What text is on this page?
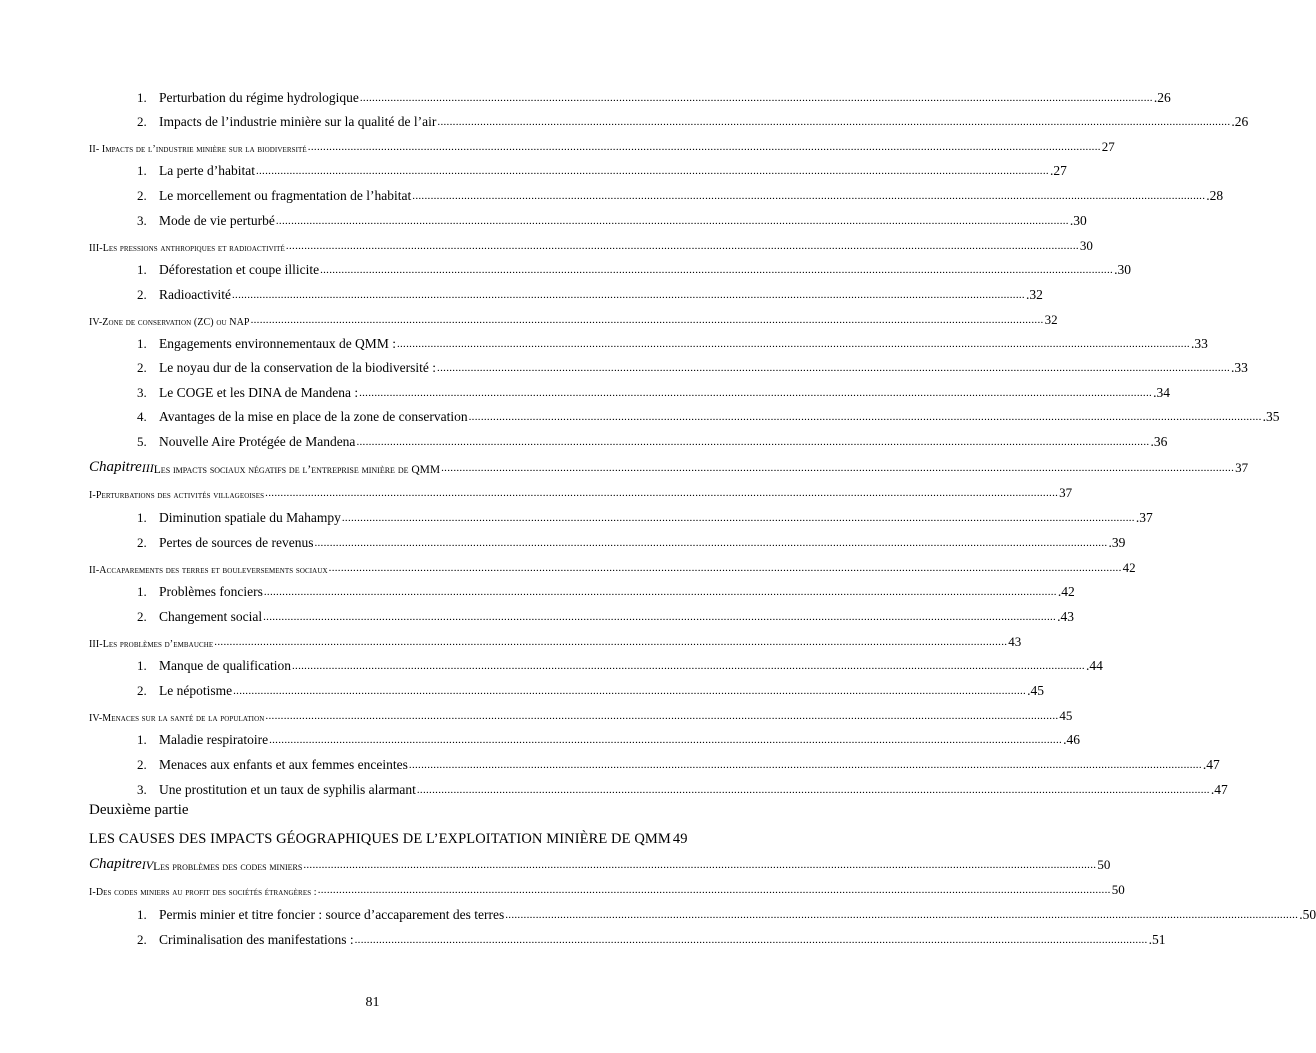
1. Perturbation du régime hydrologique .................................................................................................................................................................................................................................................................... .26
2. Impacts de l’industrie minière sur la qualité de l’air .................................................................................................................................................................................................................................................................... .26
II- Impacts de l’industrie minière sur la biodiversité .................................................................................................................................................................................................................................................................... 27
1. La perte d’habitat .................................................................................................................................................................................................................................................................... .27
2. Le morcellement ou fragmentation de l’habitat .................................................................................................................................................................................................................................................................... .28
3. Mode de vie perturbé .................................................................................................................................................................................................................................................................... .30
III-Les pressions anthropiques et radioactivité .................................................................................................................................................................................................................................................................... 30
1. Déforestation et coupe illicite .................................................................................................................................................................................................................................................................... .30
2. Radioactivité .................................................................................................................................................................................................................................................................... .32
IV-Zone de conservation (ZC) ou NAP .................................................................................................................................................................................................................................................................... 32
1. Engagements environnementaux de QMM : .................................................................................................................................................................................................................................................................... .33
2. Le noyau dur de la conservation de la biodiversité : .................................................................................................................................................................................................................................................................... .33
3. Le COGE et les DINA de Mandena : .................................................................................................................................................................................................................................................................... .34
4. Avantages de la mise en place de la zone de conservation .................................................................................................................................................................................................................................................................... .35
5. Nouvelle Aire Protégée de Mandena .................................................................................................................................................................................................................................................................... .36
Chapitre III Les impacts sociaux négatifs de l’entreprise minière de QMM .................................................................................................................................................................................................................................................................... 37
I-Perturbations des activités villageoises .................................................................................................................................................................................................................................................................... 37
1. Diminution spatiale du Mahampy .................................................................................................................................................................................................................................................................... .37
2. Pertes de sources de revenus .................................................................................................................................................................................................................................................................... .39
II-Accaparements des terres et bouleversements sociaux .................................................................................................................................................................................................................................................................... 42
1. Problèmes fonciers .................................................................................................................................................................................................................................................................... .42
2. Changement social .................................................................................................................................................................................................................................................................... .43
III-Les problèmes d’embauche .................................................................................................................................................................................................................................................................... 43
1. Manque de qualification .................................................................................................................................................................................................................................................................... .44
2. Le népotisme .................................................................................................................................................................................................................................................................... .45
IV-Menaces sur la santé de la population .................................................................................................................................................................................................................................................................... 45
1. Maladie respiratoire .................................................................................................................................................................................................................................................................... .46
2. Menaces aux enfants et aux femmes enceintes .................................................................................................................................................................................................................................................................... .47
3. Une prostitution et un taux de syphilis alarmant .................................................................................................................................................................................................................................................................... .47
Deuxième partie
LES CAUSES DES IMPACTS GÉOGRAPHIQUES DE L’EXPLOITATION MINIÈRE DE QMM 49
Chapitre IV Les problèmes des codes miniers .................................................................................................................................................................................................................................................................... 50
I-Des codes miniers au profit des sociétés étrangères : .................................................................................................................................................................................................................................................................... 50
1. Permis minier et titre foncier : source d’accaparement des terres .................................................................................................................................................................................................................................................................... .50
2. Criminalisation des manifestations : .................................................................................................................................................................................................................................................................... .51
81
